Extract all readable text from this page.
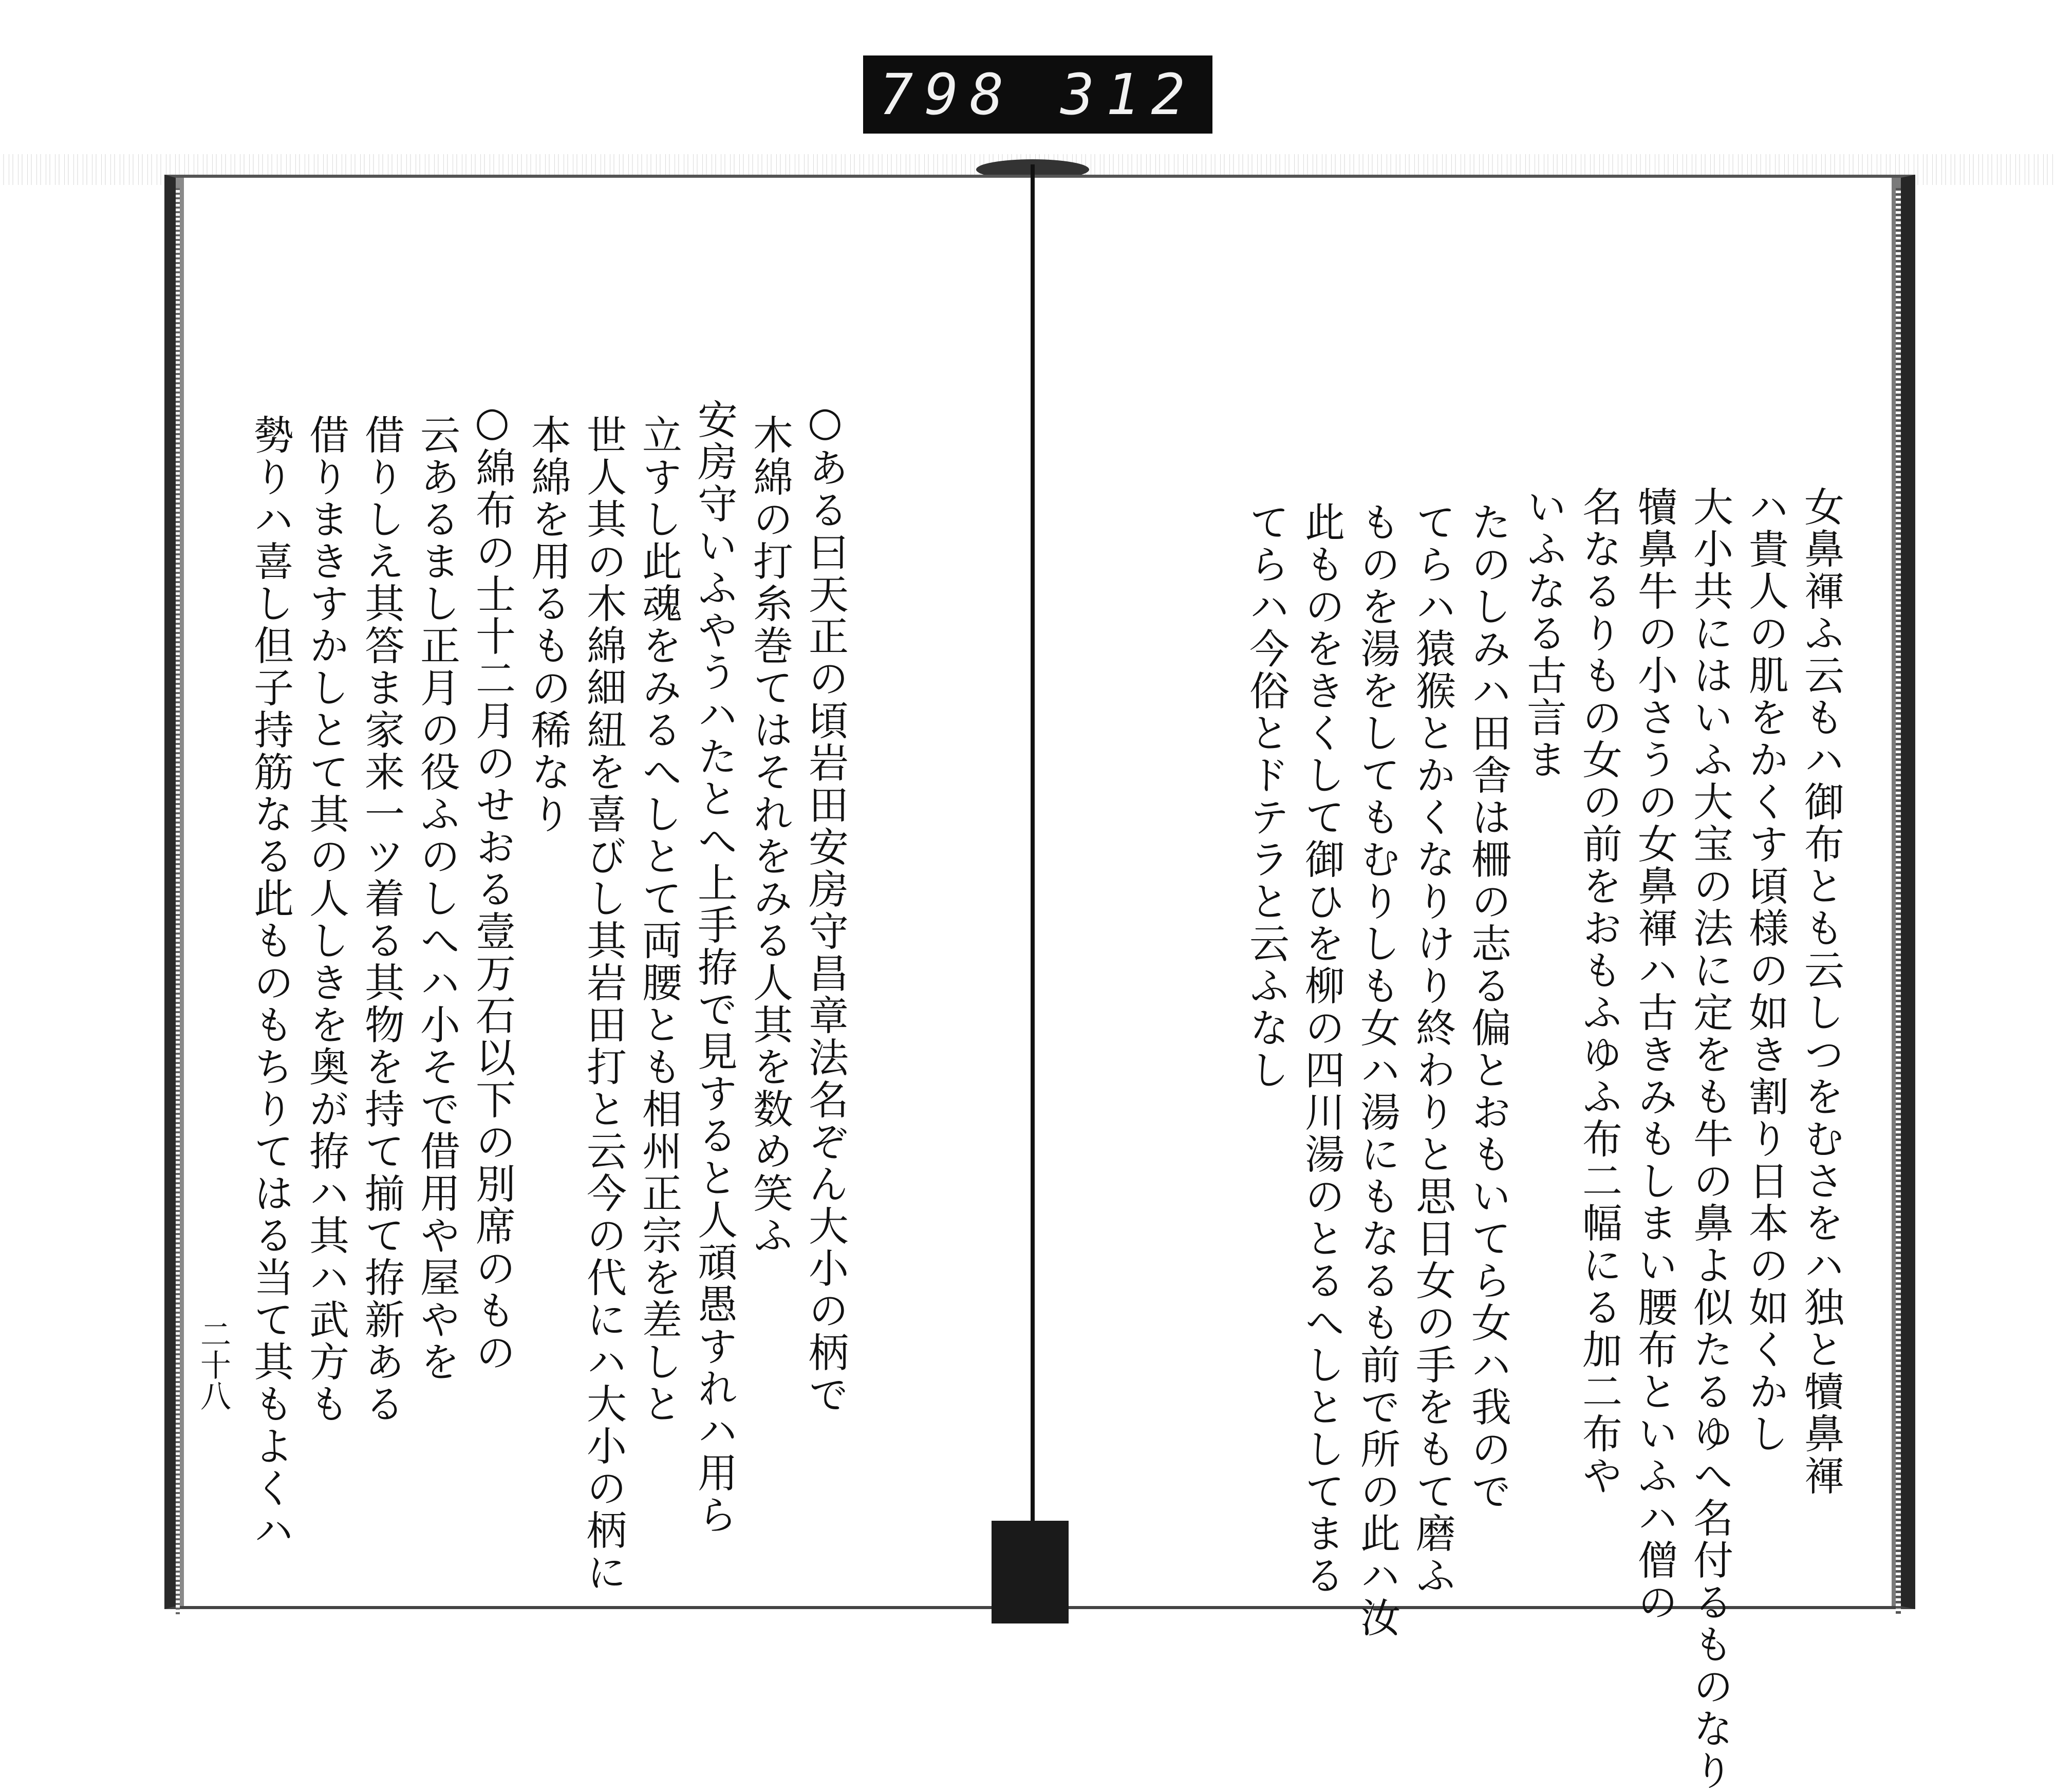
798 312
○ある曰天正の頃岩田安房守昌章法名ぞん大小の柄で
木綿の打糸巻てはそれをみる人其を数め笑ふ
安房守いふやうハたとへ上手拵で見すると人頑愚すれハ用ら
立すし此魂をみるへしとて両腰とも相州正宗を差しと
世人其の木綿細紐を喜びし其岩田打と云今の代にハ大小の柄に
本綿を用るもの稀なり
○綿布の士十二月のせおる壹万石以下の別席のもの
云あるまし正月の役ふのしへハ小そで借用や屋やを
借りしえ其答ま家来一ツ着る其物を持て揃て拵新ある
借りまきすかしとて其の人しきを奥が拵ハ其ハ武方も
勢りハ喜し但子持筋なる此ものもちりてはる当て其もよくハ
二十八	女鼻褌ふ云もハ御布とも云しつをむさをハ独と犢鼻褌
ハ貴人の肌をかくす頃様の如き割り日本の如くかし
大小共にはいふ大宝の法に定をも牛の鼻よ似たるゆへ名付るものなり
犢鼻牛の小さうの女鼻褌ハ古きみもしまい腰布といふハ僧の
名なるりもの女の前をおもふゆふ布二幅にる加二布や
いふなる古言ま
たのしみハ田舎は柵の志る偏とおもいてら女ハ我ので
てらハ猿猴とかくなりけり終わりと思日女の手をもて磨ふ
ものを湯をしてもむりしも女ハ湯にもなるも前で所の此ハ汝
此ものをきくして御ひを柳の四川湯のとるへしとしてまる
てらハ今俗とドテラと云ふなし
